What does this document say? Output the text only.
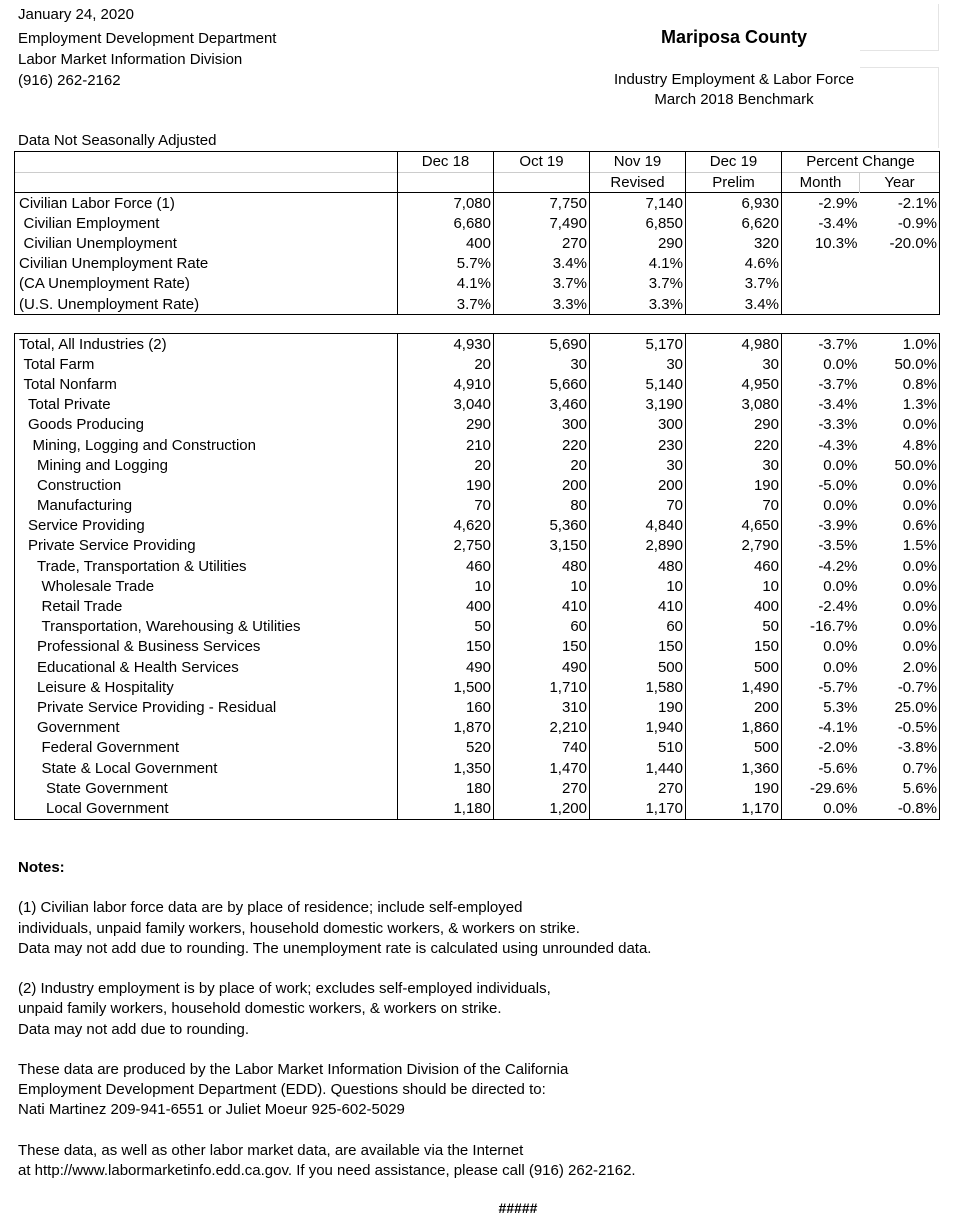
January 24, 2020
Employment Development Department
Labor Market Information Division
(916) 262-2162
Mariposa County
Industry Employment & Labor Force
March 2018 Benchmark
Data Not Seasonally Adjusted
	Dec 18	Oct 19	Nov 19	Dec 19	Percent Change	
			Revised	Prelim	Month	Year
Civilian Labor Force (1)	7,080	7,750	7,140	6,930	-2.9%	-2.1%
Civilian Employment	6,680	7,490	6,850	6,620	-3.4%	-0.9%
Civilian Unemployment	400	270	290	320	10.3%	-20.0%
Civilian Unemployment Rate	5.7%	3.4%	4.1%	4.6%		
(CA Unemployment Rate)	4.1%	3.7%	3.7%	3.7%		
(U.S. Unemployment Rate)	3.7%	3.3%	3.3%	3.4%		
Total, All Industries (2)	4,930	5,690	5,170	4,980	-3.7%	1.0%
Total Farm	20	30	30	30	0.0%	50.0%
Total Nonfarm	4,910	5,660	5,140	4,950	-3.7%	0.8%
Total Private	3,040	3,460	3,190	3,080	-3.4%	1.3%
Goods Producing	290	300	300	290	-3.3%	0.0%
Mining, Logging and Construction	210	220	230	220	-4.3%	4.8%
Mining and Logging	20	20	30	30	0.0%	50.0%
Construction	190	200	200	190	-5.0%	0.0%
Manufacturing	70	80	70	70	0.0%	0.0%
Service Providing	4,620	5,360	4,840	4,650	-3.9%	0.6%
Private Service Providing	2,750	3,150	2,890	2,790	-3.5%	1.5%
Trade, Transportation & Utilities	460	480	480	460	-4.2%	0.0%
Wholesale Trade	10	10	10	10	0.0%	0.0%
Retail Trade	400	410	410	400	-2.4%	0.0%
Transportation, Warehousing & Utilities	50	60	60	50	-16.7%	0.0%
Professional & Business Services	150	150	150	150	0.0%	0.0%
Educational & Health Services	490	490	500	500	0.0%	2.0%
Leisure & Hospitality	1,500	1,710	1,580	1,490	-5.7%	-0.7%
Private Service Providing - Residual	160	310	190	200	5.3%	25.0%
Government	1,870	2,210	1,940	1,860	-4.1%	-0.5%
Federal Government	520	740	510	500	-2.0%	-3.8%
State & Local Government	1,350	1,470	1,440	1,360	-5.6%	0.7%
State Government	180	270	270	190	-29.6%	5.6%
Local Government	1,180	1,200	1,170	1,170	0.0%	-0.8%

Notes:

(1) Civilian labor force data are by place of residence; include self-employed
individuals, unpaid family workers, household domestic workers, & workers on strike.
Data may not add due to rounding. The unemployment rate is calculated using unrounded data.

(2) Industry employment is by place of work; excludes self-employed individuals,
unpaid family workers, household domestic workers, & workers on strike.
Data may not add due to rounding.

These data are produced by the Labor Market Information Division of the California
Employment Development Department (EDD). Questions should be directed to:
Nati Martinez 209-941-6551 or Juliet Moeur 925-602-5029

These data, as well as other labor market data, are available via the Internet
at http://www.labormarketinfo.edd.ca.gov. If you need assistance, please call (916) 262-2162.

#####
